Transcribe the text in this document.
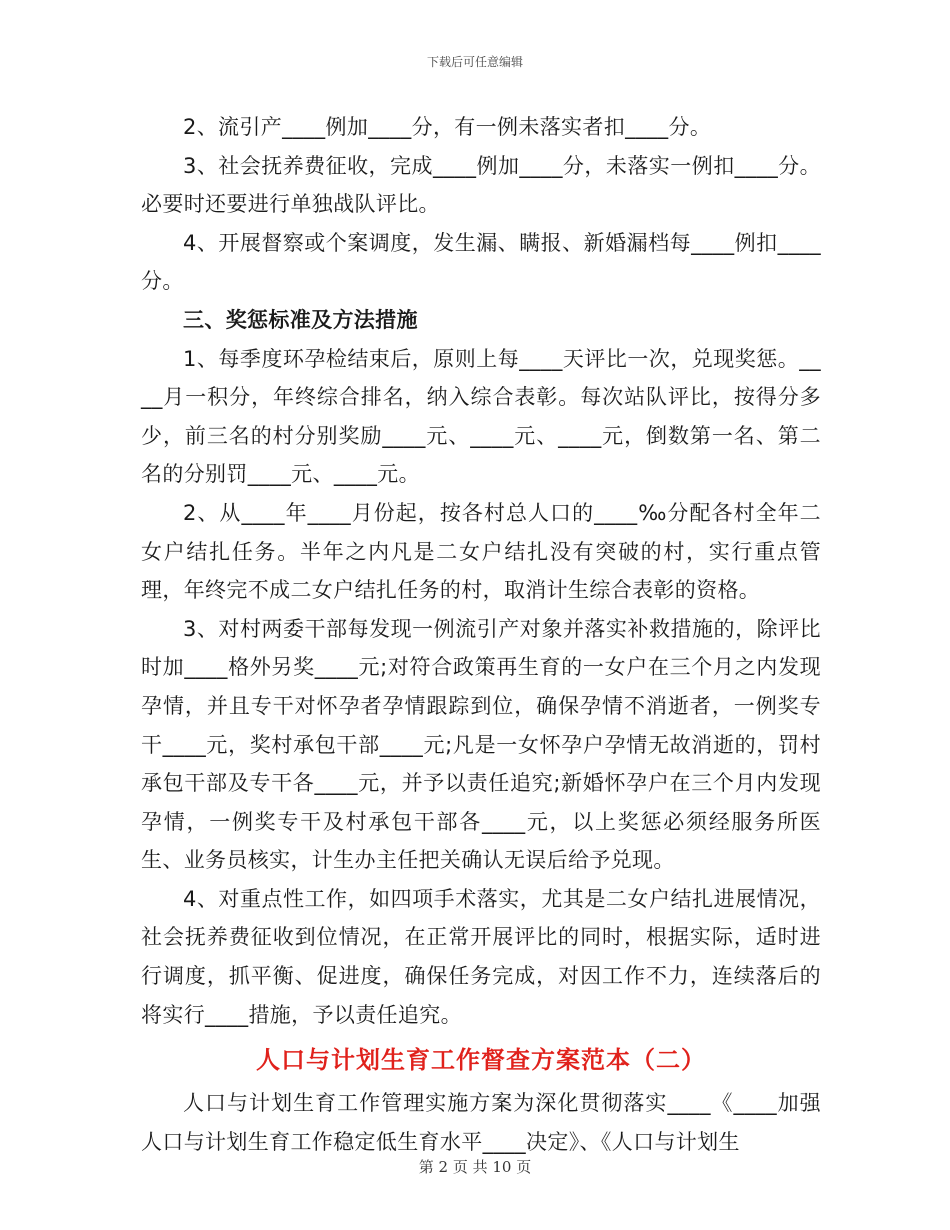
下载后可任意编辑

2、流引产____例加____分，有一例未落实者扣____分。

3、社会抚养费征收，完成____例加____分，未落实一例扣____分。必要时还要进行单独战队评比。

4、开展督察或个案调度，发生漏、瞒报、新婚漏档每____例扣____分。

三、奖惩标准及方法措施

1、每季度环孕检结束后，原则上每____天评比一次，兑现奖惩。____月一积分，年终综合排名，纳入综合表彰。每次站队评比，按得分多少，前三名的村分别奖励____元、____元、____元，倒数第一名、第二名的分别罚____元、____元。

2、从____年____月份起，按各村总人口的____‰分配各村全年二女户结扎任务。半年之内凡是二女户结扎没有突破的村，实行重点管理，年终完不成二女户结扎任务的村，取消计生综合表彰的资格。

3、对村两委干部每发现一例流引产对象并落实补救措施的，除评比时加____格外另奖____元;对符合政策再生育的一女户在三个月之内发现孕情，并且专干对怀孕者孕情跟踪到位，确保孕情不消逝者，一例奖专干____元，奖村承包干部____元;凡是一女怀孕户孕情无故消逝的，罚村承包干部及专干各____元，并予以责任追究;新婚怀孕户在三个月内发现孕情，一例奖专干及村承包干部各____元，以上奖惩必须经服务所医生、业务员核实，计生办主任把关确认无误后给予兑现。

4、对重点性工作，如四项手术落实，尤其是二女户结扎进展情况，社会抚养费征收到位情况，在正常开展评比的同时，根据实际，适时进行调度，抓平衡、促进度，确保任务完成，对因工作不力，连续落后的将实行____措施，予以责任追究。

人口与计划生育工作督查方案范本（二）

人口与计划生育工作管理实施方案为深化贯彻落实____《____加强人口与计划生育工作稳定低生育水平____决定》、《人口与计划生

第 2 页 共 10 页
